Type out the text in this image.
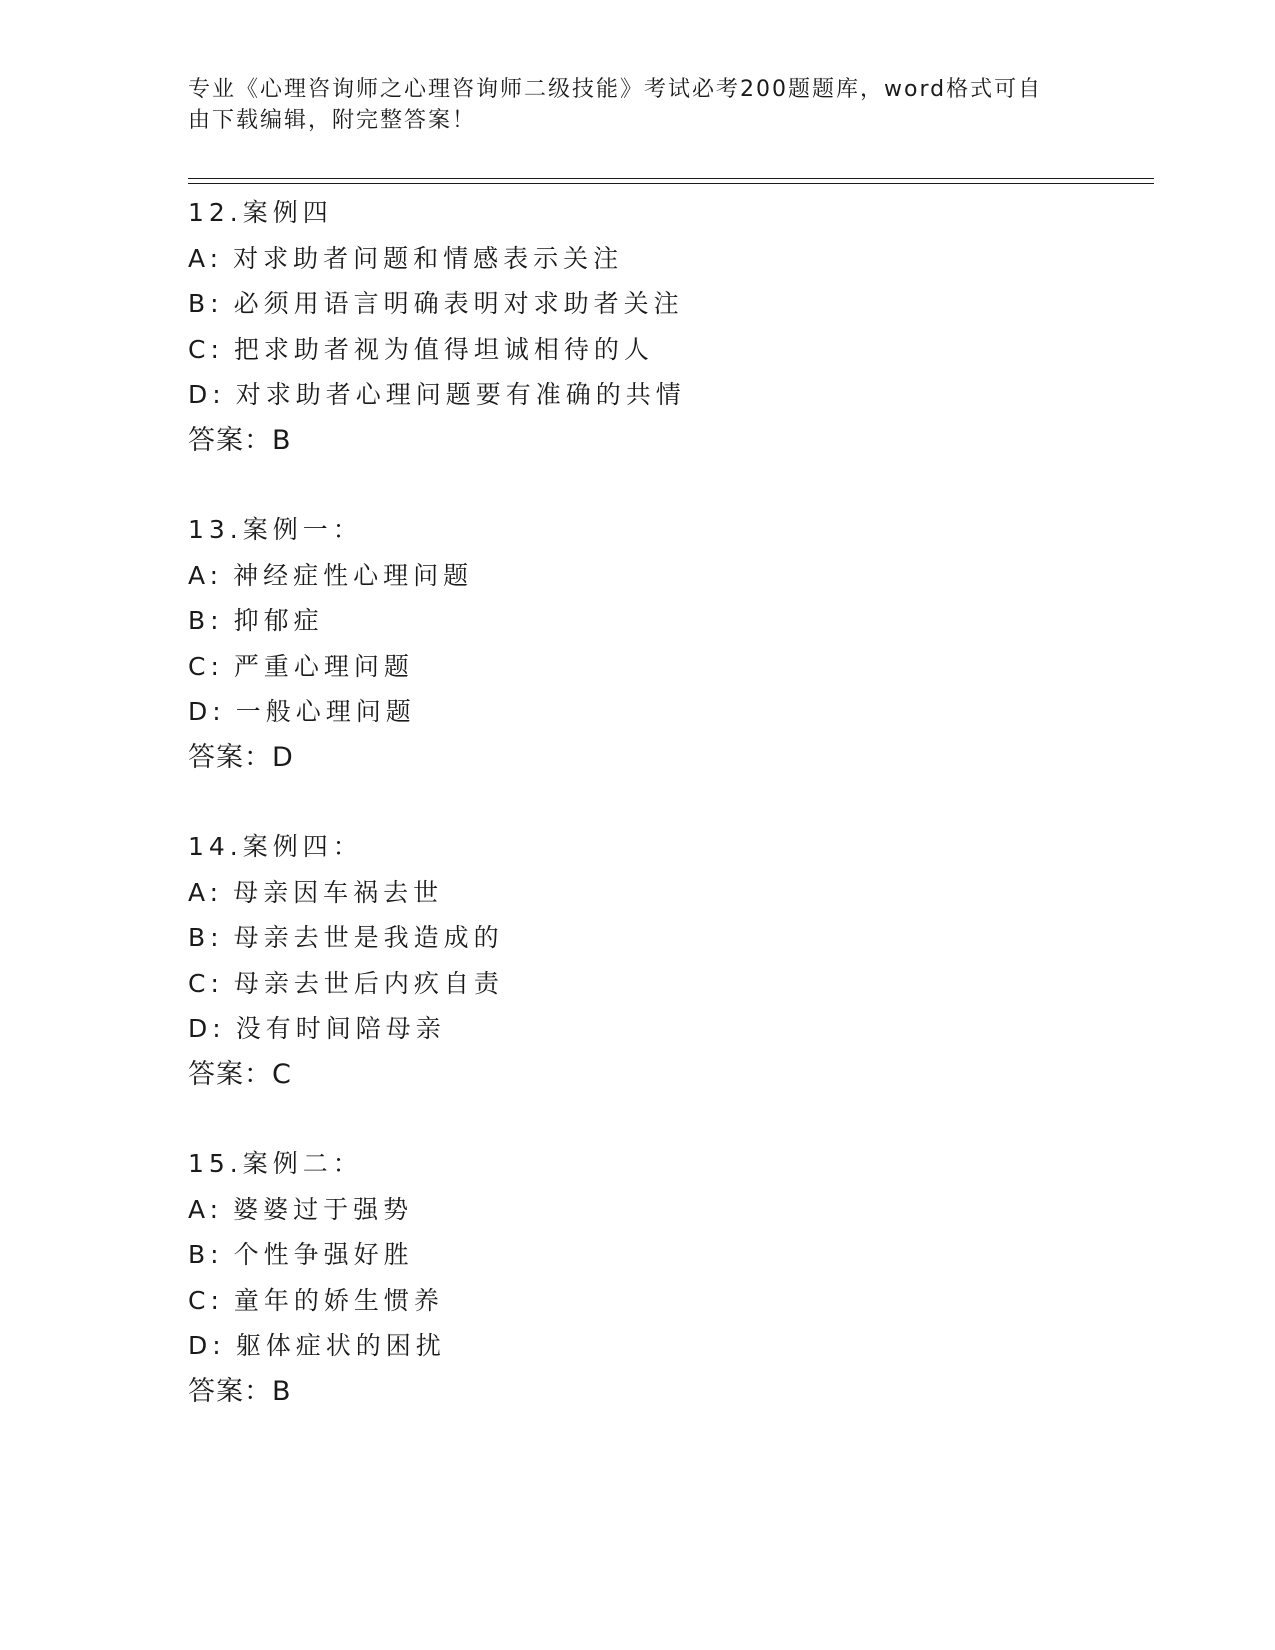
专业《心理咨询师之心理咨询师二级技能》考试必考200题题库，word格式可自
由下载编辑，附完整答案！
12.案例四
A: 对求助者问题和情感表示关注
B: 必须用语言明确表明对求助者关注
C: 把求助者视为值得坦诚相待的人
D: 对求助者心理问题要有准确的共情
答案：B
13.案例一：
A: 神经症性心理问题
B: 抑郁症
C: 严重心理问题
D: 一般心理问题
答案：D
14.案例四：
A: 母亲因车祸去世
B: 母亲去世是我造成的
C: 母亲去世后内疚自责
D: 没有时间陪母亲
答案：C
15.案例二：
A: 婆婆过于强势
B: 个性争强好胜
C: 童年的娇生惯养
D: 躯体症状的困扰
答案：B
